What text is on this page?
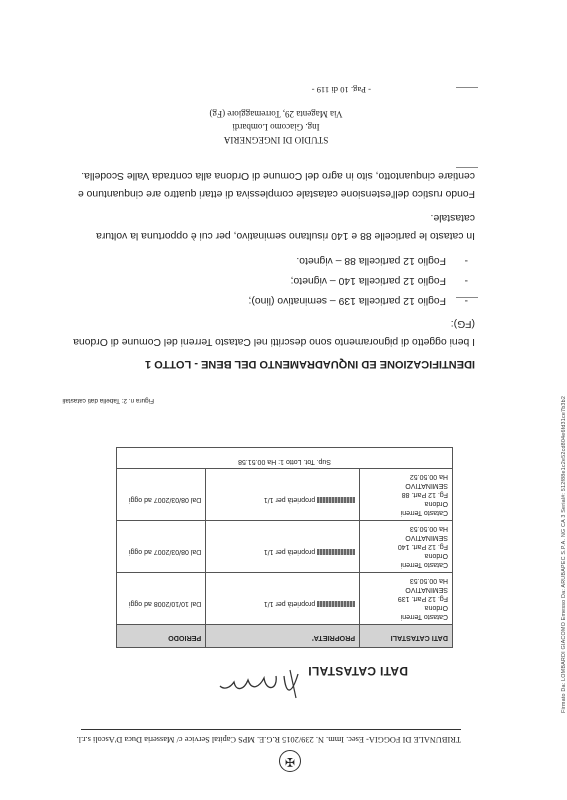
✠
TRIBUNALE DI FOGGIA- Esec. Imm. N. 239/2015 R.G.E. MPS Capital Service c/ Masseria Duca D'Ascoli s.r.l.
DATI CATASTALI
DATI CATASTALI	PROPRIETA'	PERIODO

Catasto Terreni
Ordona
Fg. 12 Part. 139
SEMINATIVO
Ha 00.50.53	proprietà per 1/1	Dal 10/10/2008 ad oggi

Catasto Terreni
Ordona
Fg. 12 Part. 140
SEMINATIVO
Ha 00.50.53	proprietà per 1/1	Dal 08/03/2007 ad oggi

Catasto Terreni
Ordona
Fg. 12 Part. 88
SEMINATIVO
Ha 00.50.52	proprietà per 1/1	Dal 08/03/2007 ad oggi

Sup. Tot. Lotto 1: Ha 00.51.58		
Figura n. 2: Tabella dati catastali
IDENTIFICAZIONE ED INQUADRAMENTO DEL BENE - LOTTO 1
I beni oggetto di pignoramento sono descritti nel Catasto Terreni del Comune di Ordona (FG):
-
Foglio 12 particella 139 – seminativo (lino);
-
Foglio 12 particella 140 – vigneto;
-
Foglio 12 particella 88 – vigneto.
In catasto le particelle 88 e 140 risultano seminativo, per cui è opportuna la voltura catastale.
Fondo rustico dell'estensione catastale complessiva di ettari quattro are cinquantuno e centiare cinquantotto, sito in agro del Comune di Ordona alla contrada Valle Scodella.
STUDIO DI INGEGNERIA
Ing. Giacomo Lombardi
Via Magenta 29, Torremaggiore (Fg)
- Pag. 10 di 119 -
Firmato Da: LOMBARDI GIACOMO Emesso Da: ARUBAPEC S.P.A. NG CA 3 Serial#: 512f88e1c2e52cd804e6fd31ce7b3b2
